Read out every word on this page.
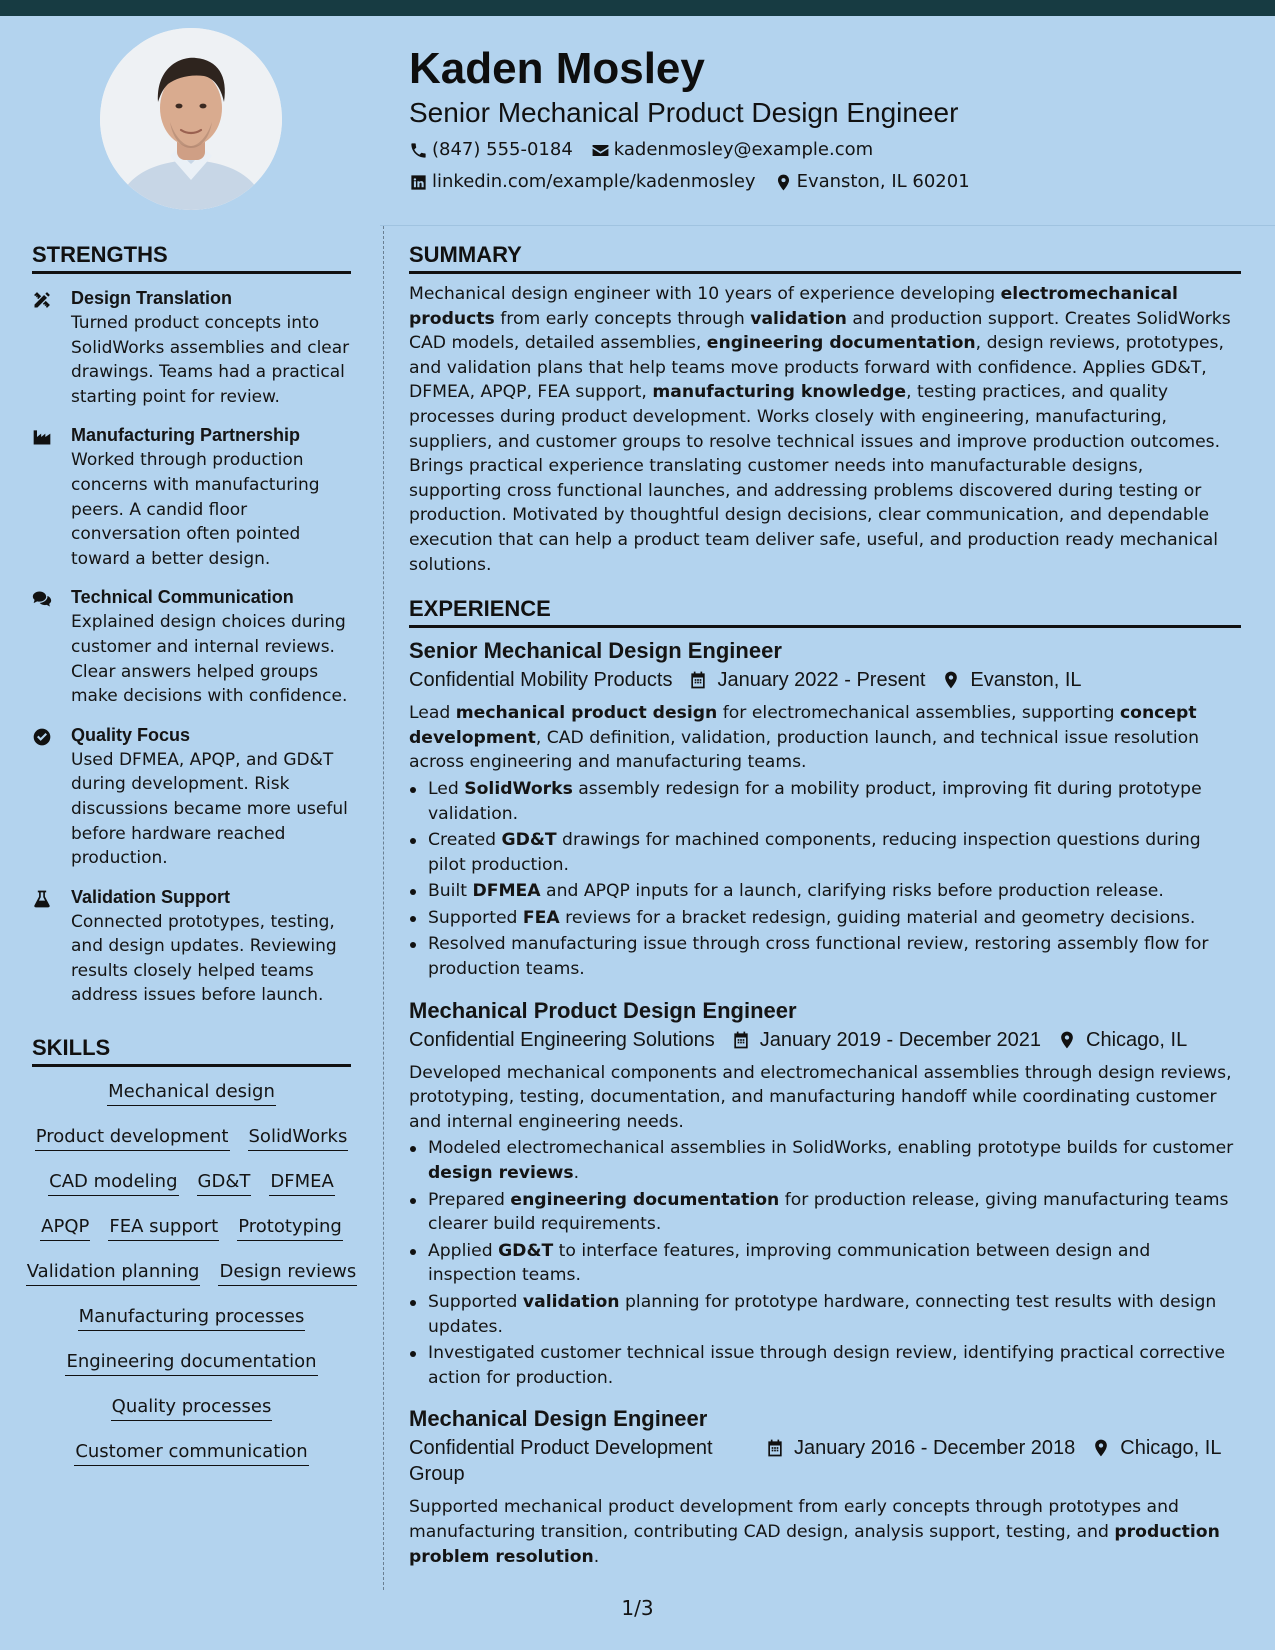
Kaden Mosley
Senior Mechanical Product Design Engineer
(847) 555-0184 kadenmosley@example.com
linkedin.com/example/kadenmosley Evanston, IL 60201
STRENGTHS
Design Translation
Turned product concepts into SolidWorks assemblies and clear drawings. Teams had a practical starting point for review.
Manufacturing Partnership
Worked through production concerns with manufacturing peers. A candid floor conversation often pointed toward a better design.
Technical Communication
Explained design choices during customer and internal reviews. Clear answers helped groups make decisions with confidence.
Quality Focus
Used DFMEA, APQP, and GD&T during development. Risk discussions became more useful before hardware reached production.
Validation Support
Connected prototypes, testing, and design updates. Reviewing results closely helped teams address issues before launch.
SKILLS
Mechanical design
Product development SolidWorks
CAD modeling GD&T DFMEA
APQP FEA support Prototyping
Validation planning Design reviews
Manufacturing processes
Engineering documentation
Quality processes
Customer communication
SUMMARY
Mechanical design engineer with 10 years of experience developing electromechanical products from early concepts through validation and production support. Creates SolidWorks CAD models, detailed assemblies, engineering documentation, design reviews, prototypes, and validation plans that help teams move products forward with confidence. Applies GD&T, DFMEA, APQP, FEA support, manufacturing knowledge, testing practices, and quality processes during product development. Works closely with engineering, manufacturing, suppliers, and customer groups to resolve technical issues and improve production outcomes. Brings practical experience translating customer needs into manufacturable designs, supporting cross functional launches, and addressing problems discovered during testing or production. Motivated by thoughtful design decisions, clear communication, and dependable execution that can help a product team deliver safe, useful, and production ready mechanical solutions.
EXPERIENCE
Senior Mechanical Design Engineer
Confidential Mobility Products January 2022 - Present Evanston, IL
Lead mechanical product design for electromechanical assemblies, supporting concept development, CAD definition, validation, production launch, and technical issue resolution across engineering and manufacturing teams.
Led SolidWorks assembly redesign for a mobility product, improving fit during prototype validation.
Created GD&T drawings for machined components, reducing inspection questions during pilot production.
Built DFMEA and APQP inputs for a launch, clarifying risks before production release.
Supported FEA reviews for a bracket redesign, guiding material and geometry decisions.
Resolved manufacturing issue through cross functional review, restoring assembly flow for production teams.
Mechanical Product Design Engineer
Confidential Engineering Solutions January 2019 - December 2021 Chicago, IL
Developed mechanical components and electromechanical assemblies through design reviews, prototyping, testing, documentation, and manufacturing handoff while coordinating customer and internal engineering needs.
Modeled electromechanical assemblies in SolidWorks, enabling prototype builds for customer design reviews.
Prepared engineering documentation for production release, giving manufacturing teams clearer build requirements.
Applied GD&T to interface features, improving communication between design and inspection teams.
Supported validation planning for prototype hardware, connecting test results with design updates.
Investigated customer technical issue through design review, identifying practical corrective action for production.
Mechanical Design Engineer
Confidential Product Development Group
January 2016 - December 2018 Chicago, IL
Supported mechanical product development from early concepts through prototypes and manufacturing transition, contributing CAD design, analysis support, testing, and production problem resolution.
1/3
